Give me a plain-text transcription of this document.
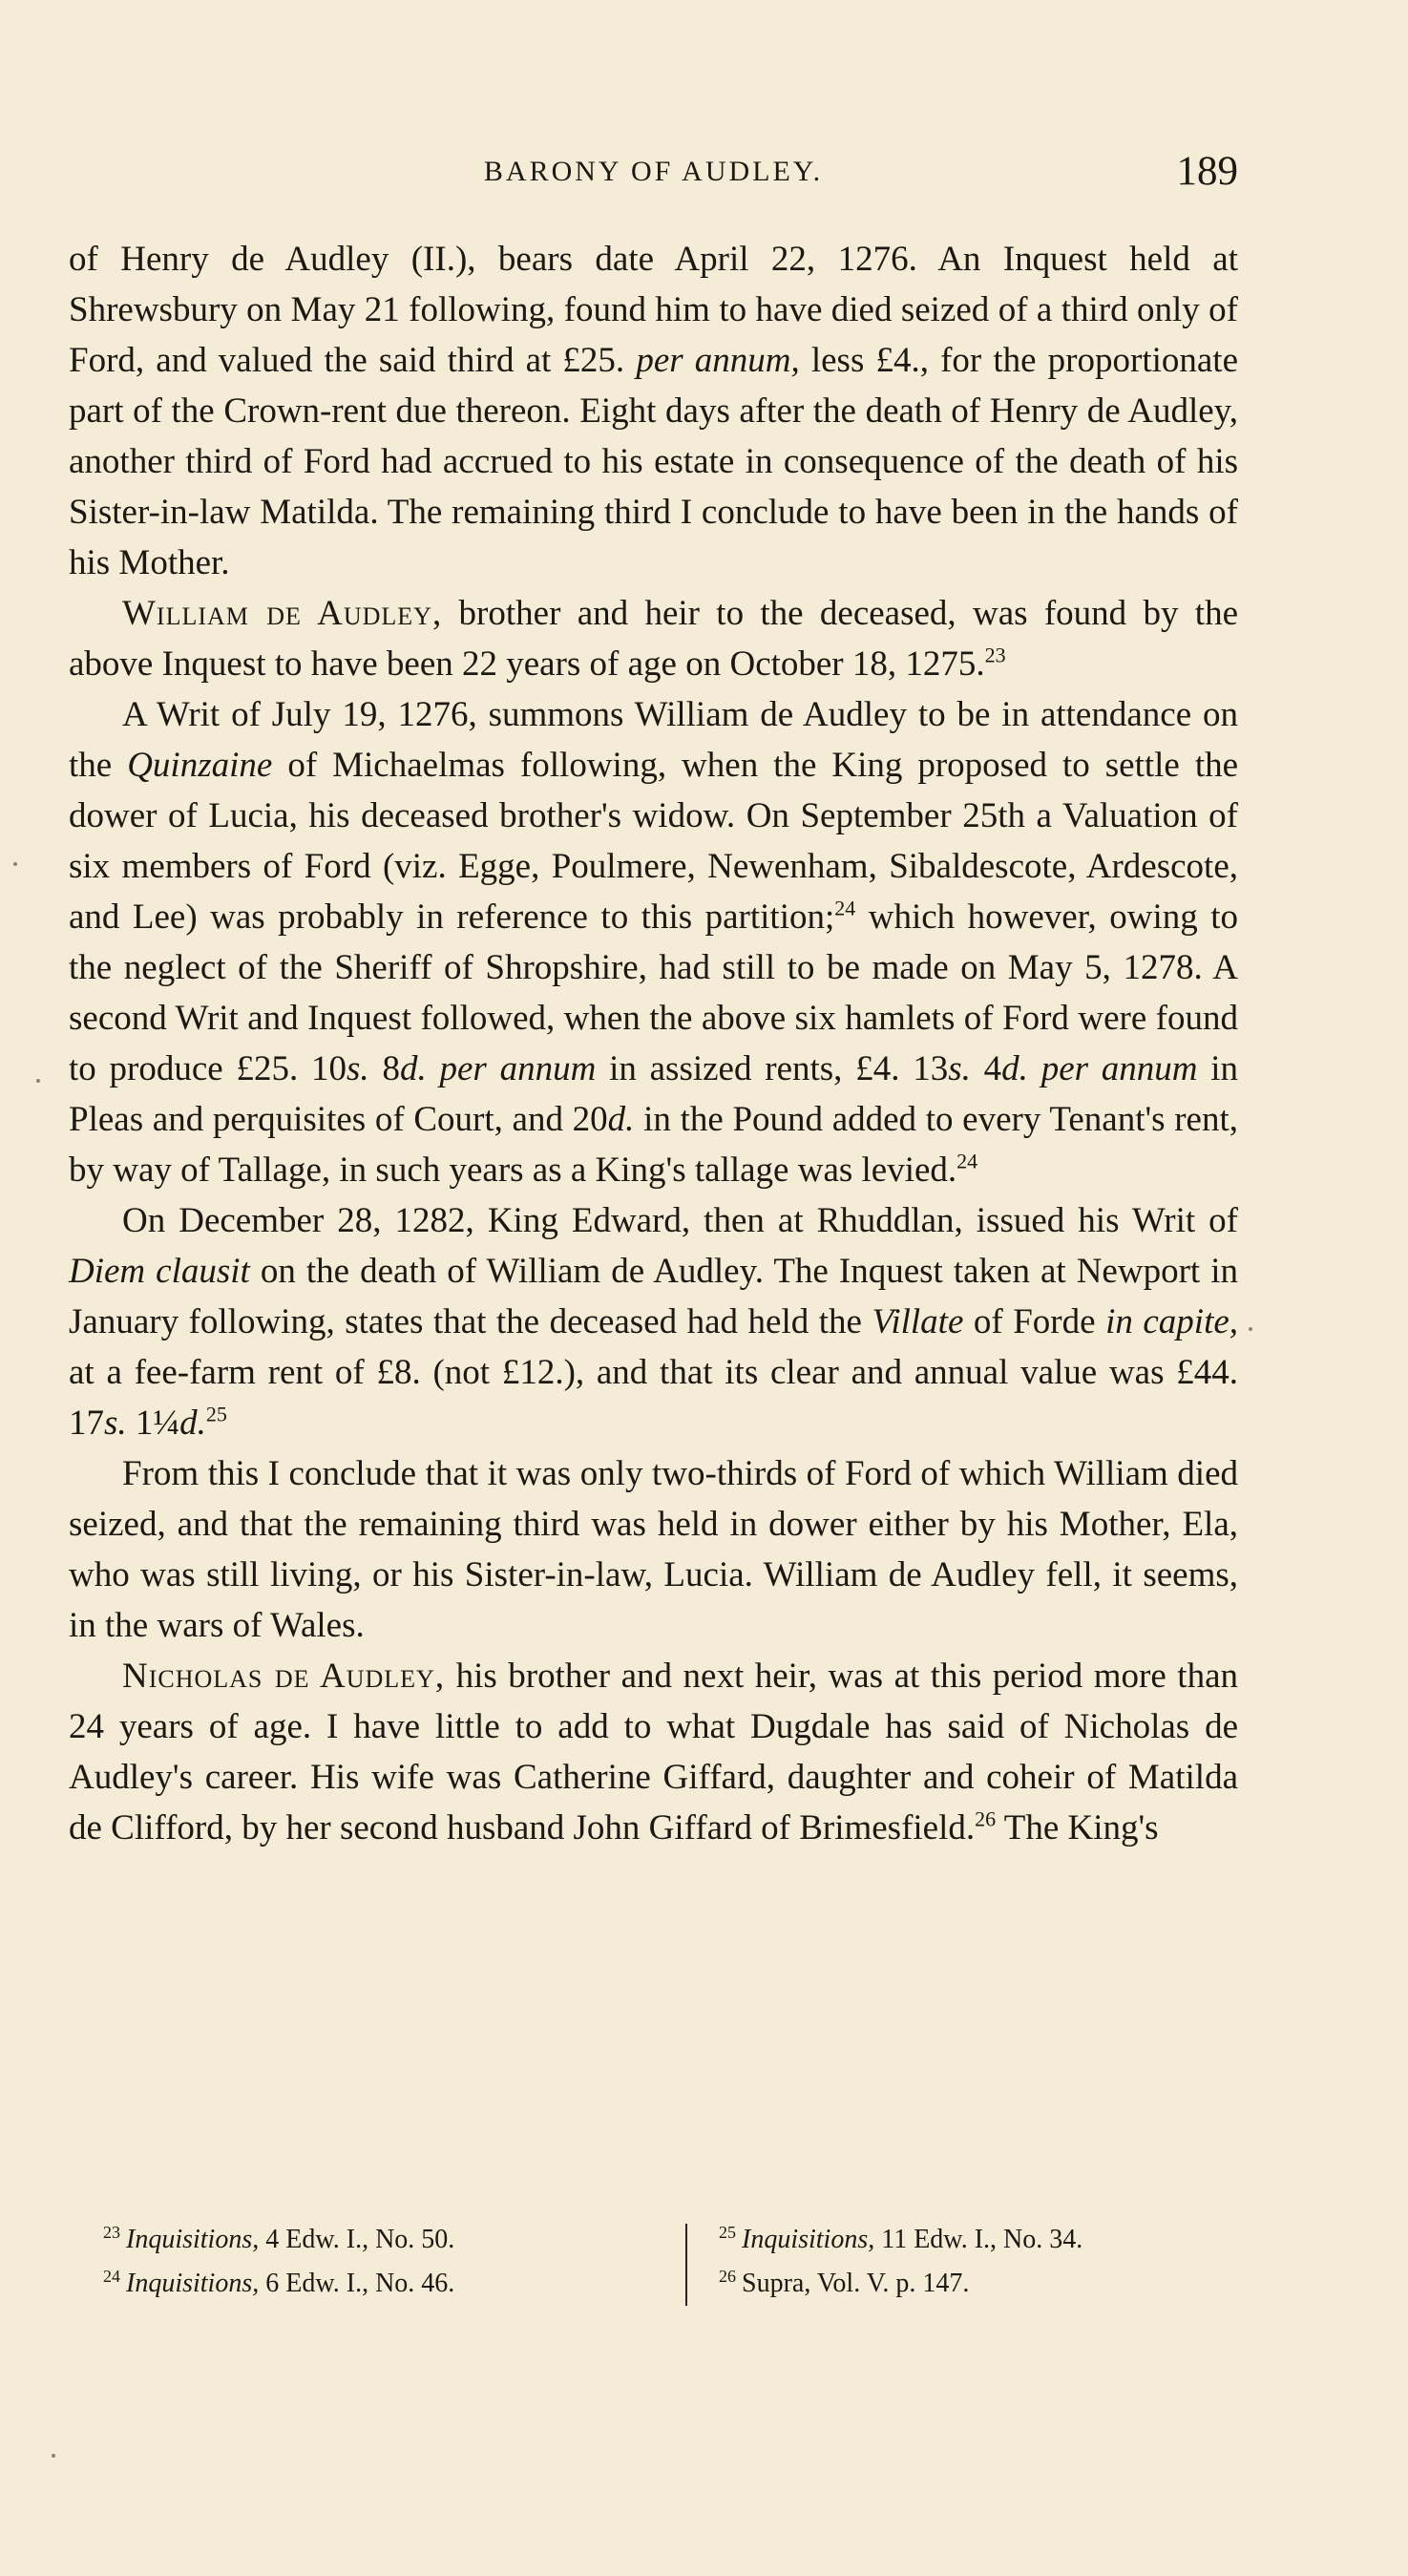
BARONY OF AUDLEY.	189

of Henry de Audley (II.), bears date April 22, 1276. An Inquest held at Shrewsbury on May 21 following, found him to have died seized of a third only of Ford, and valued the said third at £25. per annum, less £4., for the proportionate part of the Crown-rent due thereon. Eight days after the death of Henry de Audley, another third of Ford had accrued to his estate in consequence of the death of his Sister-in-law Matilda. The remaining third I conclude to have been in the hands of his Mother.

William de Audley, brother and heir to the deceased, was found by the above Inquest to have been 22 years of age on October 18, 1275.23

A Writ of July 19, 1276, summons William de Audley to be in attendance on the Quinzaine of Michaelmas following, when the King proposed to settle the dower of Lucia, his deceased brother's widow. On September 25th a Valuation of six members of Ford (viz. Egge, Poulmere, Newenham, Sibaldescote, Ardescote, and Lee) was probably in reference to this partition;$^{24}$ which however, owing to the neglect of the Sheriff of Shropshire, had still to be made on May 5, 1278. A second Writ and Inquest followed, when the above six hamlets of Ford were found to produce £25. 10s. 8d. per annum in assized rents, £4. 13s. 4d. per annum in Pleas and perquisites of Court, and 20d. in the Pound added to every Tenant's rent, by way of Tallage, in such years as a King's tallage was levied.$^{24}$

On December 28, 1282, King Edward, then at Rhuddlan, issued his Writ of Diem clausit on the death of William de Audley. The Inquest taken at Newport in January following, states that the deceased had held the Villate of Forde in capite, at a fee-farm rent of £8. (not £12.), and that its clear and annual value was £44. 17s. 1¼d.$^{25}$

From this I conclude that it was only two-thirds of Ford of which William died seized, and that the remaining third was held in dower either by his Mother, Ela, who was still living, or his Sister-in-law, Lucia. William de Audley fell, it seems, in the wars of Wales.

Nicholas de Audley, his brother and next heir, was at this period more than 24 years of age. I have little to add to what Dugdale has said of Nicholas de Audley's career. His wife was Catherine Giffard, daughter and coheir of Matilda de Clifford, by her second husband John Giffard of Brimesfield.$^{26}$ The King's

$^{23}$ Inquisitions, 4 Edw. I., No. 50.
$^{24}$ Inquisitions, 6 Edw. I., No. 46.
$^{25}$ Inquisitions, 11 Edw. I., No. 34.
$^{26}$ Supra, Vol. V. p. 147.
